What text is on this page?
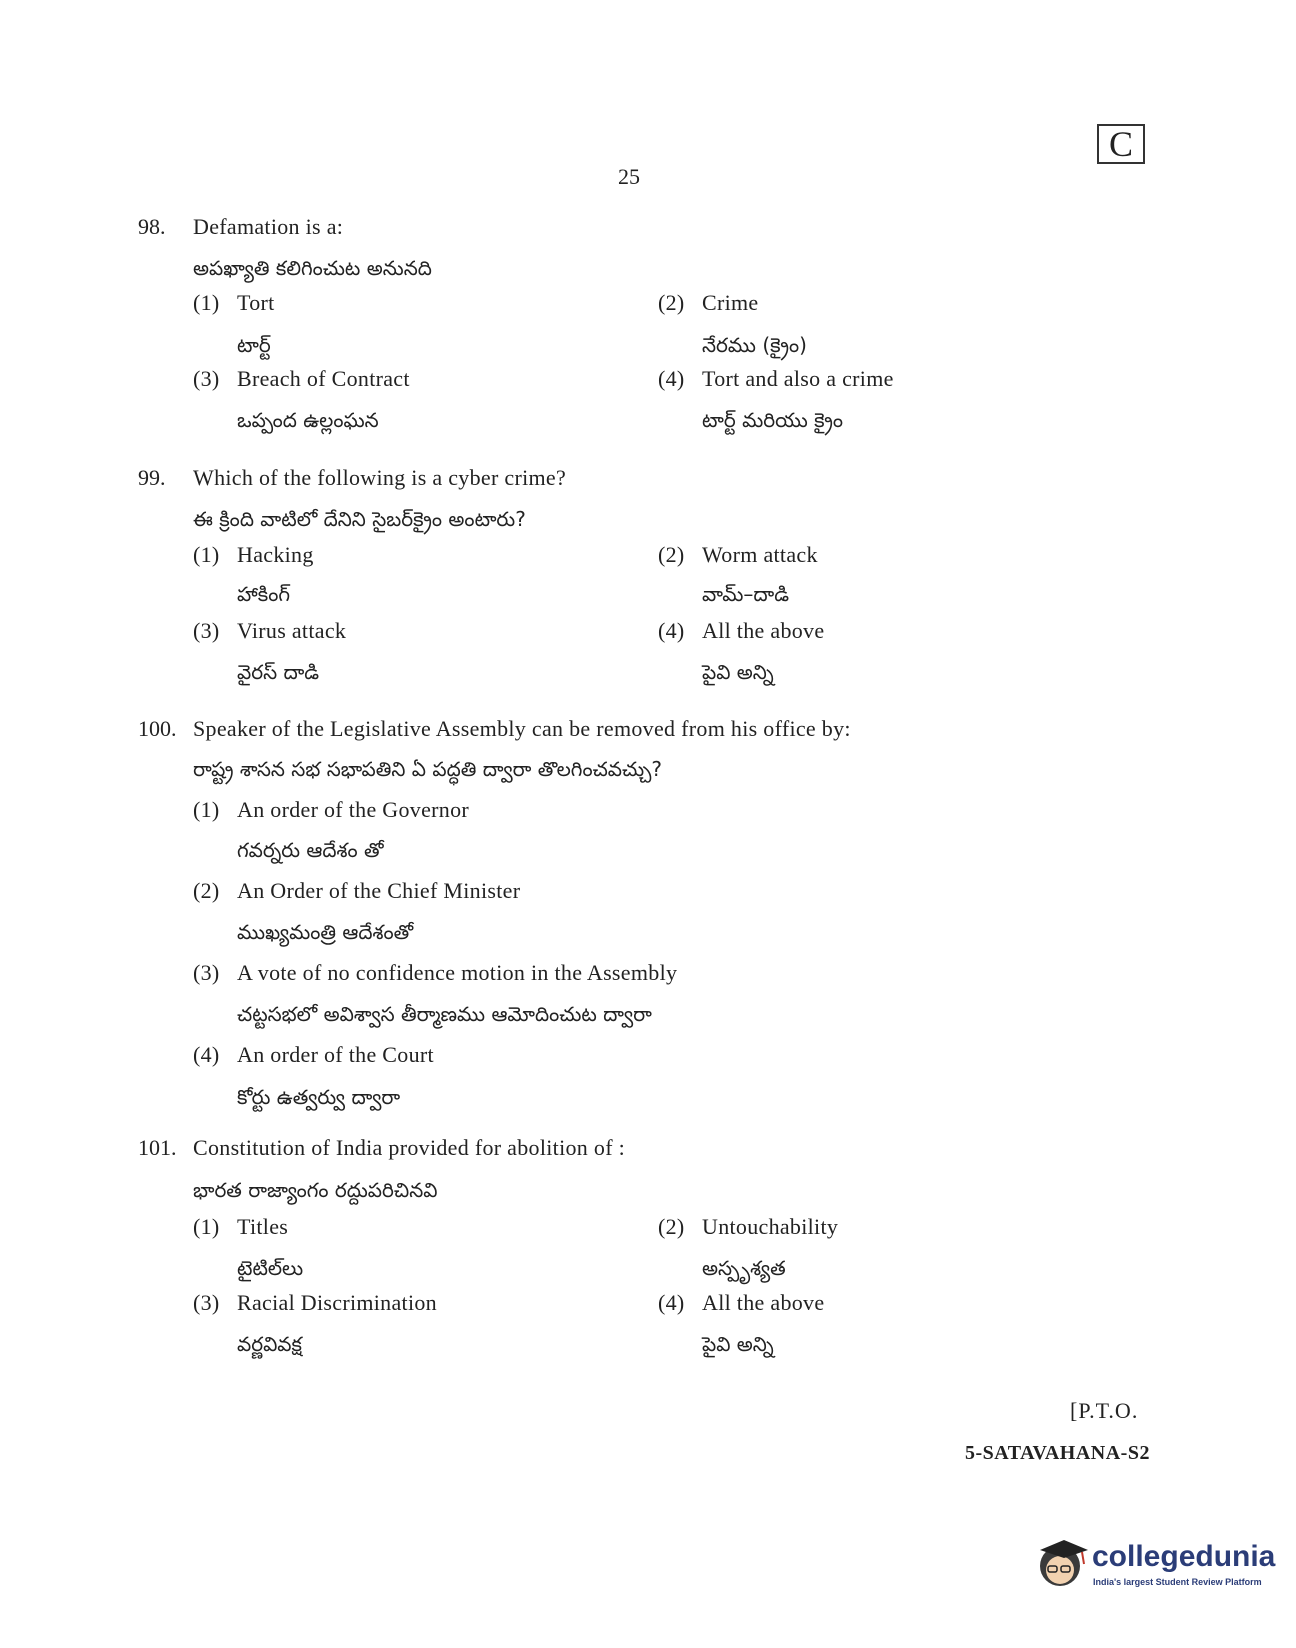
C
25
98. Defamation is a:
అపఖ్యాతి కలిగించుట అనునది
(1) Tort
టార్ట్
(2) Crime
నేరము (క్రైం)
(3) Breach of Contract
ఒప్పంద ఉల్లంఘన
(4) Tort and also a crime
టార్ట్ మరియు క్రైం
99. Which of the following is a cyber crime?
ఈ క్రింది వాటిలో దేనిని సైబర్‌క్రైం అంటారు?
(1) Hacking
హాకింగ్
(2) Worm attack
వామ్–దాడి
(3) Virus attack
వైరస్ దాడి
(4) All the above
పైవి అన్ని
100. Speaker of the Legislative Assembly can be removed from his office by:
రాష్ట్ర శాసన సభ సభాపతిని ఏ పద్ధతి ద్వారా తొలగించవచ్చు?
(1) An order of the Governor
గవర్నరు ఆదేశం తో
(2) An Order of the Chief Minister
ముఖ్యమంత్రి ఆదేశంతో
(3) A vote of no confidence motion in the Assembly
చట్టసభలో అవిశ్వాస తీర్మాణము ఆమోదించుట ద్వారా
(4) An order of the Court
కోర్టు ఉత్వర్వు ద్వారా
101. Constitution of India provided for abolition of :
భారత రాజ్యాంగం రద్దుపరిచినవి
(1) Titles
టైటిల్‌లు
(2) Untouchability
అస్పృశ్యత
(3) Racial Discrimination
వర్ణవివక్ష
(4) All the above
పైవి అన్ని
[P.T.O.
5-SATAVAHANA-S2
collegedunia
India's largest Student Review Platform
